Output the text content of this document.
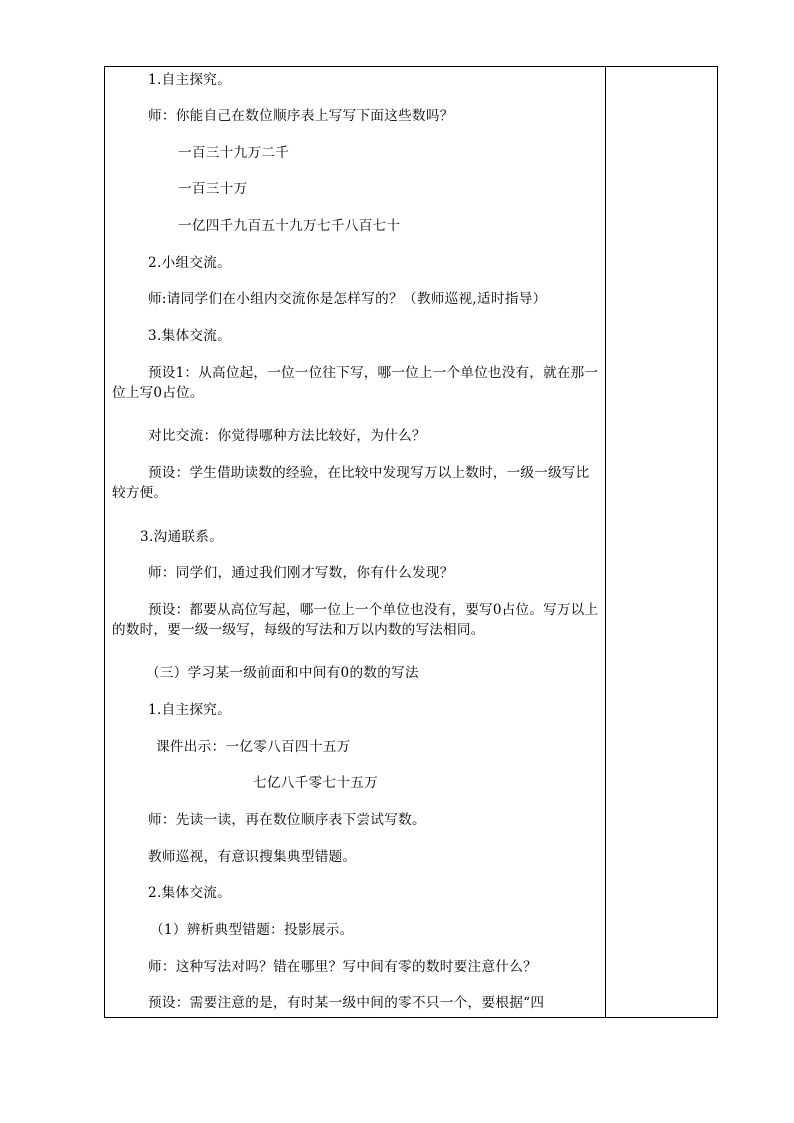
1.自主探究。
师：你能自己在数位顺序表上写写下面这些数吗？
一百三十九万二千
一百三十万
一亿四千九百五十九万七千八百七十
2.小组交流。
师:请同学们在小组内交流你是怎样写的？（教师巡视,适时指导）
3.集体交流。
预设1：从高位起，一位一位往下写，哪一位上一个单位也没有，就在那一位上写0占位。
对比交流：你觉得哪种方法比较好，为什么？
预设：学生借助读数的经验，在比较中发现写万以上数时，一级一级写比较方便。
3.沟通联系。
师：同学们，通过我们刚才写数，你有什么发现？
预设：都要从高位写起，哪一位上一个单位也没有，要写0占位。写万以上的数时，要一级一级写，每级的写法和万以内数的写法相同。
（三）学习某一级前面和中间有0的数的写法
1.自主探究。
课件出示：一亿零八百四十五万
七亿八千零七十五万
师：先读一读，再在数位顺序表下尝试写数。
教师巡视，有意识搜集典型错题。
2.集体交流。
（1）辨析典型错题：投影展示。
师：这种写法对吗？错在哪里？写中间有零的数时要注意什么？
预设：需要注意的是，有时某一级中间的零不只一个，要根据“四
